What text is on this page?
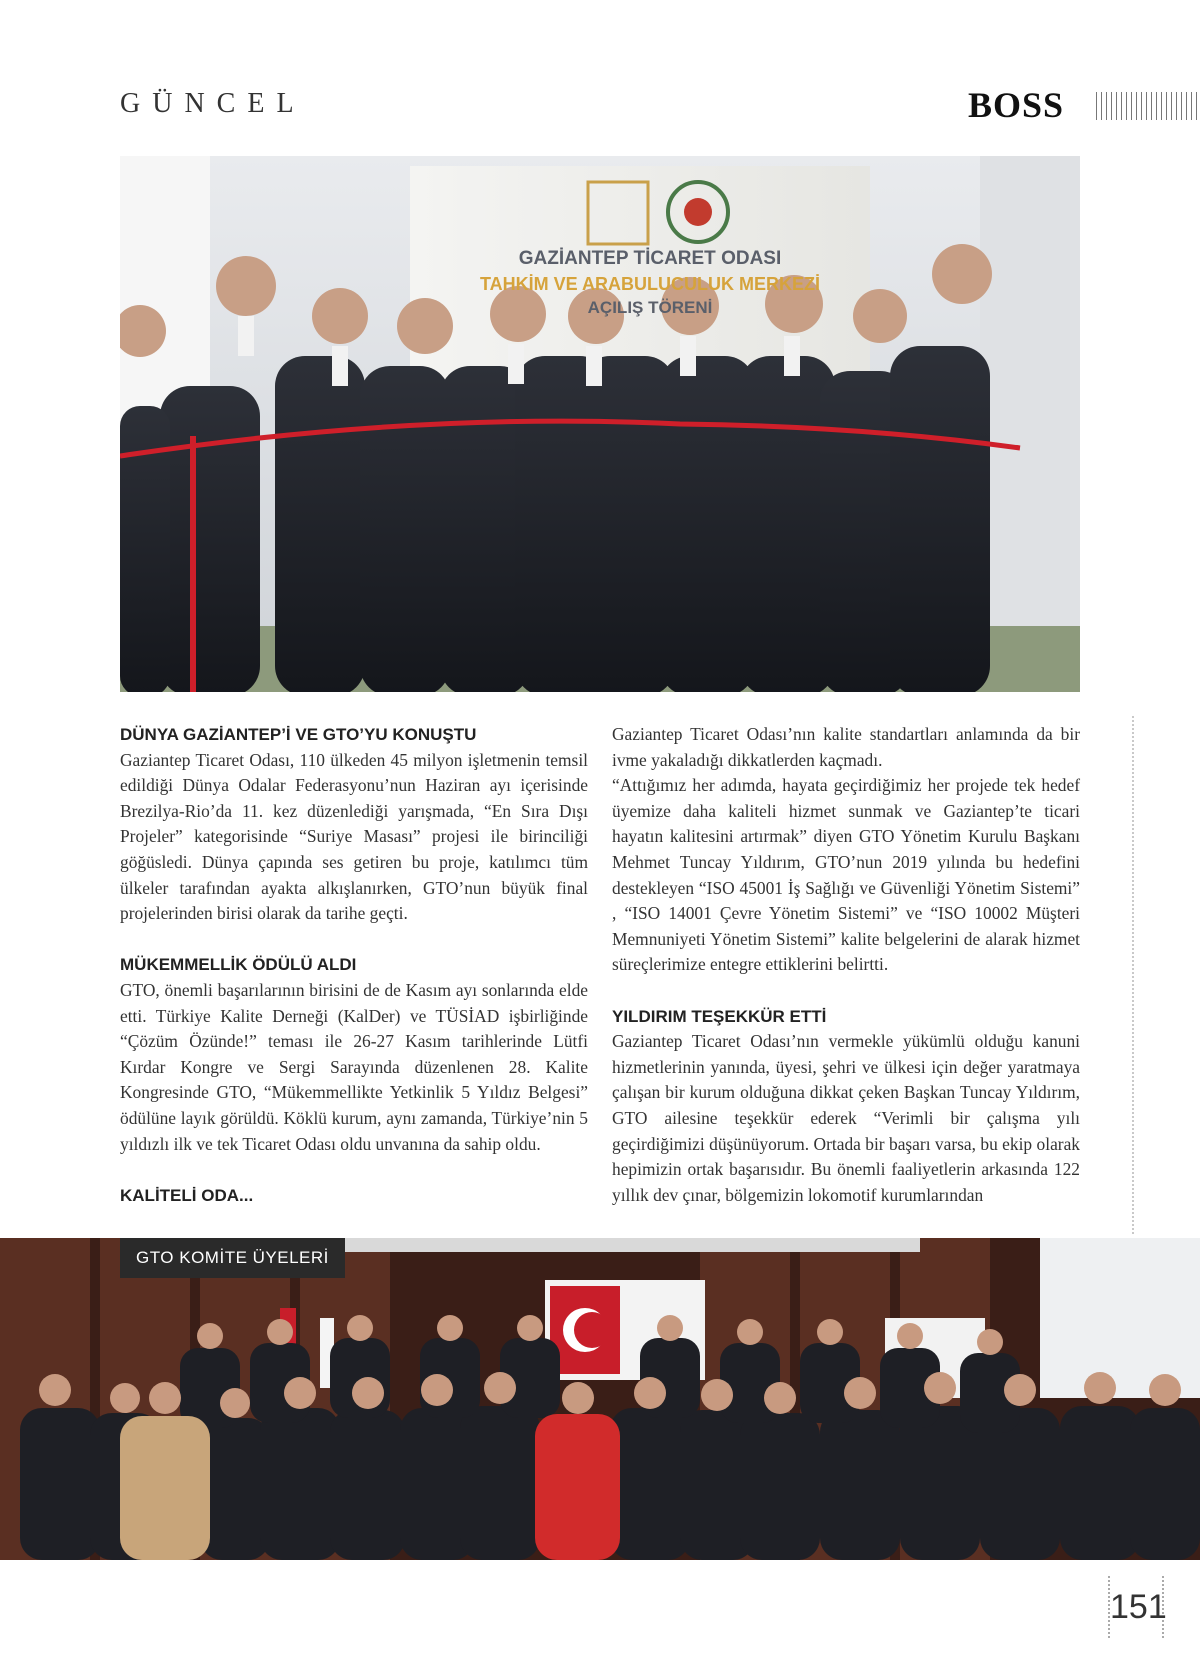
GÜNCEL	BOSS
GAZİANTEP TİCARET ODASI
TAHKİM VE ARABULUCULUK MERKEZİ
AÇILIŞ TÖRENİ
DÜNYA GAZİANTEP’İ VE GTO’YU KONUŞTU

Gaziantep Ticaret Odası, 110 ülkeden 45 milyon işletmenin temsil edildiği Dünya Odalar Federasyonu’nun Haziran ayı içerisinde Brezilya-Rio’da 11. kez düzenlediği yarışmada, “En Sıra Dışı Projeler” kategorisinde “Suriye Masası” projesi ile birinciliği göğüsledi. Dünya çapında ses getiren bu proje, katılımcı tüm ülkeler tarafından ayakta alkışlanırken, GTO’nun büyük final projelerinden birisi olarak da tarihe geçti.

MÜKEMMELLİK ÖDÜLÜ ALDI

GTO, önemli başarılarının birisini de de Kasım ayı sonlarında elde etti. Türkiye Kalite Derneği (KalDer) ve TÜSİAD işbirliğinde “Çözüm Özünde!” teması ile 26-27 Kasım tarihlerinde Lütfi Kırdar Kongre ve Sergi Sarayında düzenlenen 28. Kalite Kongresinde GTO, “Mükemmellikte Yetkinlik 5 Yıldız Belgesi” ödülüne layık görüldü. Köklü kurum, aynı zamanda, Türkiye’nin 5 yıldızlı ilk ve tek Ticaret Odası oldu unvanına da sahip oldu.

KALİTELİ ODA...

Gaziantep Ticaret Odası’nın kalite standartları anlamında da bir ivme yakaladığı dikkatlerden kaçmadı.

“Attığımız her adımda, hayata geçirdiğimiz her projede tek hedef üyemize daha kaliteli hizmet sunmak ve Gaziantep’te ticari hayatın kalitesini artırmak” diyen GTO Yönetim Kurulu Başkanı Mehmet Tuncay Yıldırım, GTO’nun 2019 yılında bu hedefini destekleyen “ISO 45001 İş Sağlığı ve Güvenliği Yönetim Sistemi” , “ISO 14001 Çevre Yönetim Sistemi” ve “ISO 10002 Müşteri Memnuniyeti Yönetim Sistemi” kalite belgelerini de alarak hizmet süreçlerimize entegre ettiklerini belirtti.

YILDIRIM TEŞEKKÜR ETTİ

Gaziantep Ticaret Odası’nın vermekle yükümlü olduğu kanuni hizmetlerinin yanında, üyesi, şehri ve ülkesi için değer yaratmaya çalışan bir kurum olduğuna dikkat çeken Başkan Tuncay Yıldırım, GTO ailesine teşekkür ederek “Verimli bir çalışma yılı geçirdiğimizi düşünüyorum. Ortada bir başarı varsa, bu ekip olarak hepimizin ortak başarısıdır. Bu önemli faaliyetlerin arkasında 122 yıllık dev çınar, bölgemizin lokomotif kurumlarından

GTO KOMİTE ÜYELERİ
151
